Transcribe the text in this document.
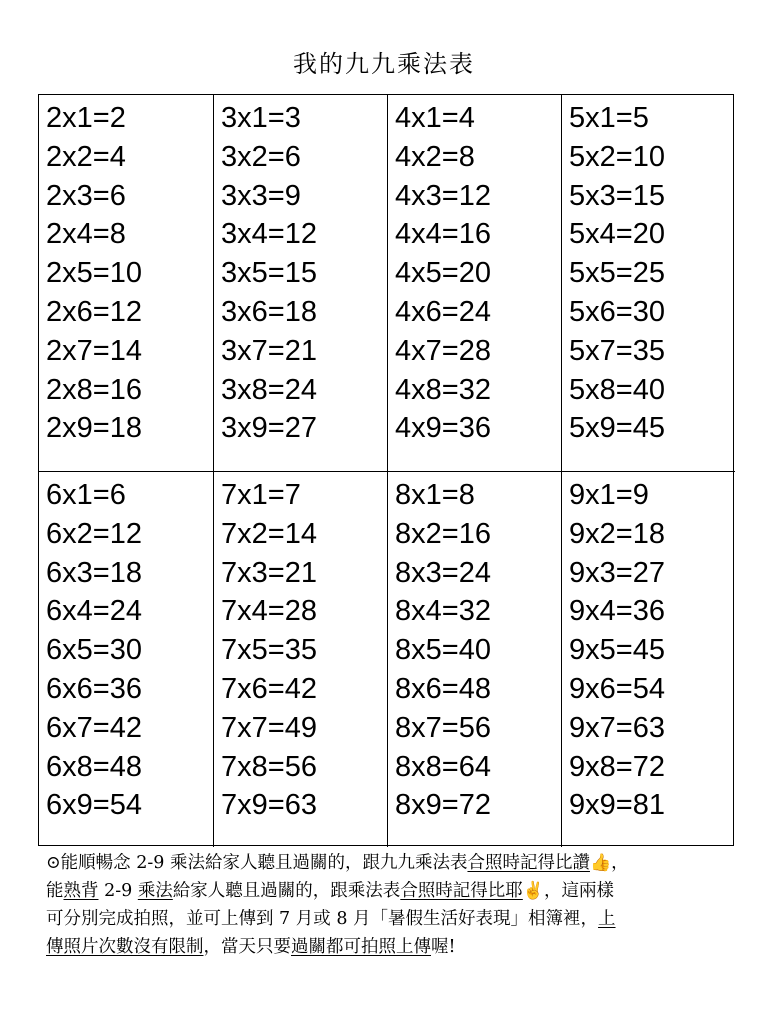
我的九九乘法表
2x1=2
2x2=4
2x3=6
2x4=8
2x5=10
2x6=12
2x7=14
2x8=16
2x9=18
3x1=3
3x2=6
3x3=9
3x4=12
3x5=15
3x6=18
3x7=21
3x8=24
3x9=27
4x1=4
4x2=8
4x3=12
4x4=16
4x5=20
4x6=24
4x7=28
4x8=32
4x9=36
5x1=5
5x2=10
5x3=15
5x4=20
5x5=25
5x6=30
5x7=35
5x8=40
5x9=45
6x1=6
6x2=12
6x3=18
6x4=24
6x5=30
6x6=36
6x7=42
6x8=48
6x9=54
7x1=7
7x2=14
7x3=21
7x4=28
7x5=35
7x6=42
7x7=49
7x8=56
7x9=63
8x1=8
8x2=16
8x3=24
8x4=32
8x5=40
8x6=48
8x7=56
8x8=64
8x9=72
9x1=9
9x2=18
9x3=27
9x4=36
9x5=45
9x6=54
9x7=63
9x8=72
9x9=81
⊙能順暢念 2-9 乘法給家人聽且過關的，跟九九乘法表合照時記得比讚👍，
能熟背 2-9 乘法給家人聽且過關的，跟乘法表合照時記得比耶✌，這兩樣
可分別完成拍照，並可上傳到 7 月或 8 月「暑假生活好表現」相簿裡，上
傳照片次數沒有限制，當天只要過關都可拍照上傳喔!
